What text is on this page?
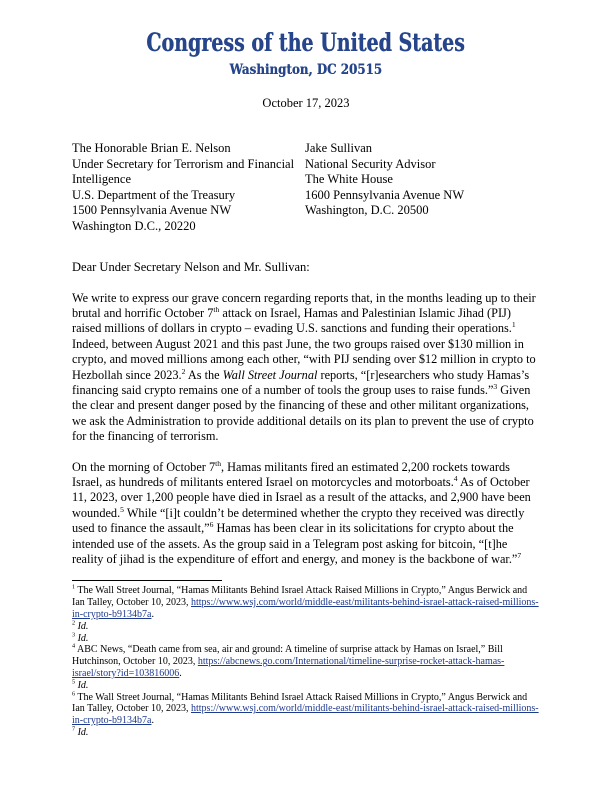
Congress of the United States
Washington, DC 20515
October 17, 2023
The Honorable Brian E. Nelson
Under Secretary for Terrorism and Financial
Intelligence
U.S. Department of the Treasury
1500 Pennsylvania Avenue NW
Washington D.C., 20220
Jake Sullivan
National Security Advisor
The White House
1600 Pennsylvania Avenue NW
Washington, D.C. 20500
Dear Under Secretary Nelson and Mr. Sullivan:
We write to express our grave concern regarding reports that, in the months leading up to their brutal and horrific October 7th attack on Israel, Hamas and Palestinian Islamic Jihad (PIJ) raised millions of dollars in crypto – evading U.S. sanctions and funding their operations.$^1$ Indeed, between August 2021 and this past June, the two groups raised over $130 million in crypto, and moved millions among each other, “with PIJ sending over $12 million in crypto to Hezbollah since 2023.$^2$ As the Wall Street Journal reports, “[r]esearchers who study Hamas’s financing said crypto remains one of a number of tools the group uses to raise funds.”$^3$ Given the clear and present danger posed by the financing of these and other militant organizations, we ask the Administration to provide additional details on its plan to prevent the use of crypto for the financing of terrorism.
On the morning of October 7th, Hamas militants fired an estimated 2,200 rockets towards Israel, as hundreds of militants entered Israel on motorcycles and motorboats.$^4$ As of October 11, 2023, over 1,200 people have died in Israel as a result of the attacks, and 2,900 have been wounded.$^5$ While “[i]t couldn’t be determined whether the crypto they received was directly used to finance the assault,”$^6$ Hamas has been clear in its solicitations for crypto about the intended use of the assets. As the group said in a Telegram post asking for bitcoin, “[t]he reality of jihad is the expenditure of effort and energy, and money is the backbone of war.”$^7$
$^1$ The Wall Street Journal, “Hamas Militants Behind Israel Attack Raised Millions in Crypto,” Angus Berwick and Ian Talley, October 10, 2023, https://www.wsj.com/world/middle-east/militants-behind-israel-attack-raised-millions-in-crypto-b9134b7a.
$^2$ Id.
$^3$ Id.
$^4$ ABC News, “Death came from sea, air and ground: A timeline of surprise attack by Hamas on Israel,” Bill Hutchinson, October 10, 2023, https://abcnews.go.com/International/timeline-surprise-rocket-attack-hamas-israel/story?id=103816006.
$^5$ Id.
$^6$ The Wall Street Journal, “Hamas Militants Behind Israel Attack Raised Millions in Crypto,” Angus Berwick and Ian Talley, October 10, 2023, https://www.wsj.com/world/middle-east/militants-behind-israel-attack-raised-millions-in-crypto-b9134b7a.
$^7$ Id.
